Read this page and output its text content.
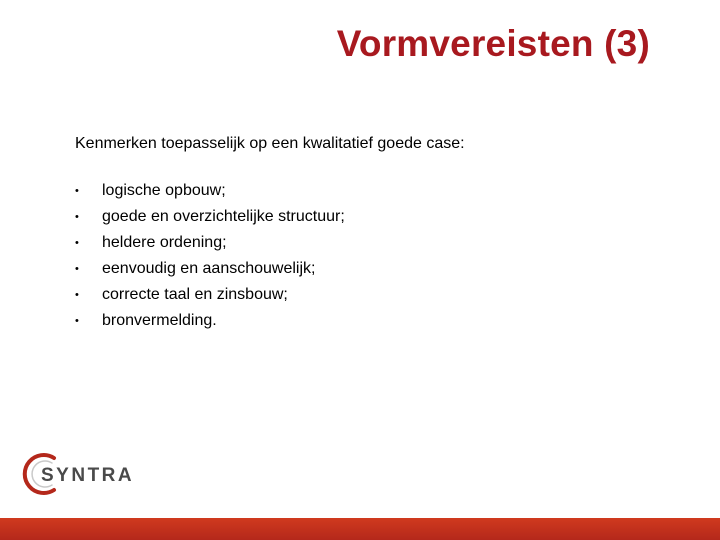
Vormvereisten (3)

Kenmerken toepasselijk op een kwalitatief goede case:

•	logische opbouw;
•	goede en overzichtelijke structuur;
•	heldere ordening;
•	eenvoudig en aanschouwelijk;
•	correcte taal en zinsbouw;
•	bronvermelding.
SYNTRA
